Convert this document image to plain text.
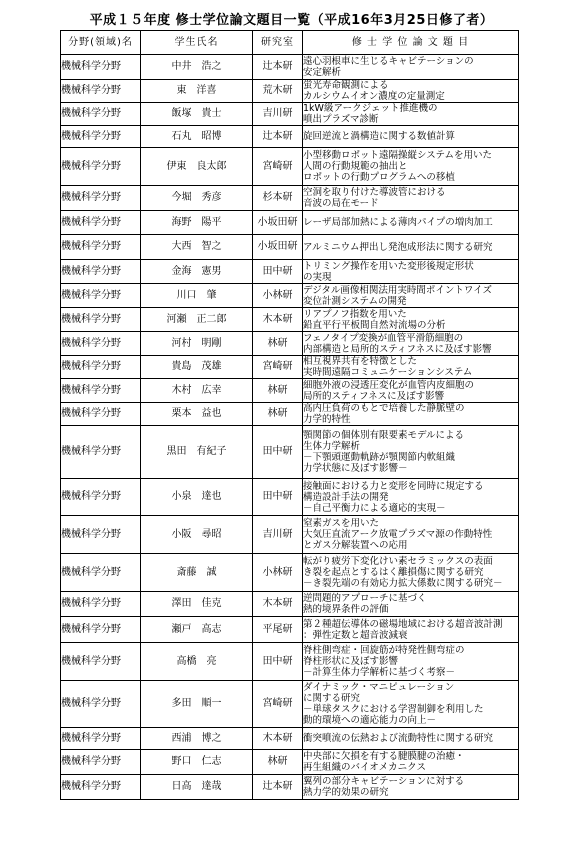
平成１５年度 修士学位論文題目一覧（平成16年3月25日修了者）
分野(領域)名	学生氏名	研究室	修 士 学 位 論 文 題 目
機械科学分野	中井　浩之	辻本研	遠心羽根車に生じるキャビテーションの
安定解析

機械科学分野	東　洋喜	荒木研	蛍光寿命観測による
カルシウムイオン濃度の定量測定

機械科学分野	飯塚　貴士	吉川研	1kW級アークジェット推進機の
噴出プラズマ診断

機械科学分野	石丸　昭博	辻本研	旋回逆流と渦構造に関する数値計算

機械科学分野	伊東　良太郎	宮崎研	小型移動ロボット遠隔操縦システムを用いた
人間の行動規範の抽出と
ロボットの行動プログラムへの移植

機械科学分野	今堀　秀彦	杉本研	空洞を取り付けた導波管における
音波の局在モード

機械科学分野	海野　陽平	小坂田研	レーザ局部加熱による薄肉パイプの増肉加工

機械科学分野	大西　智之	小坂田研	アルミニウム押出し発泡成形法に関する研究

機械科学分野	金海　憲男	田中研	トリミング操作を用いた変形後規定形状
の実現

機械科学分野	川口　肇	小林研	デジタル画像相関法用実時間ポイントワイズ
変位計測システムの開発

機械科学分野	河瀬　正二郎	木本研	リアプノフ指数を用いた
鉛直平行平板間自然対流場の分析

機械科学分野	河村　明剛	林研	フェノタイプ変換が血管平滑筋細胞の
内部構造と局所的スティフネスに及ぼす影響

機械科学分野	貴島　茂雄	宮崎研	相互視界共有を特徴とした
実時間遠隔コミュニケーションシステム

機械科学分野	木村　広幸	林研	細胞外液の浸透圧変化が血管内皮細胞の
局所的スティフネスに及ぼす影響

機械科学分野	栗本　益也	林研	高内圧負荷のもとで培養した静脈壁の
力学的特性

機械科学分野	黒田　有紀子	田中研	顎関節の個体別有限要素モデルによる
生体力学解析
－下顎頭運動軌跡が顎関節内軟組織
力学状態に及ぼす影響－

機械科学分野	小泉　達也	田中研	接触面における力と変形を同時に規定する
構造設計手法の開発
－自己平衡力による適応的実現－

機械科学分野	小阪　尋昭	吉川研	窒素ガスを用いた
大気圧直流アーク放電プラズマ源の作動特性
とガス分解装置への応用

機械科学分野	斎藤　誠	小林研	転がり疲労下変化けい素セラミックスの表面
き裂を起点とするはく離損傷に関する研究
－き裂先端の有効応力拡大係数に関する研究－

機械科学分野	澤田　佳克	木本研	逆問題的アプローチに基づく
熱的境界条件の評価

機械科学分野	瀬戸　高志	平尾研	第２種超伝導体の磁場地域における超音波計測
：弾性定数と超音波減衰

機械科学分野	高橋　亮	田中研	脊柱側弯症・回旋筋が特発性側弯症の
脊柱形状に及ぼす影響
－計算生体力学解析に基づく考察－

機械科学分野	多田　順一	宮崎研	ダイナミック・マニピュレーション
に関する研究
－単球タスクにおける学習制御を利用した
動的環境への適応能力の向上－

機械科学分野	西浦　博之	木本研	衝突噴流の伝熱および流動特性に関する研究

機械科学分野	野口　仁志	林研	中央部に欠損を有する腱膜腱の治癒・
再生組織のバイオメカニクス

機械科学分野	日高　達哉	辻本研	翼列の部分キャビテーションに対する
熱力学的効果の研究
